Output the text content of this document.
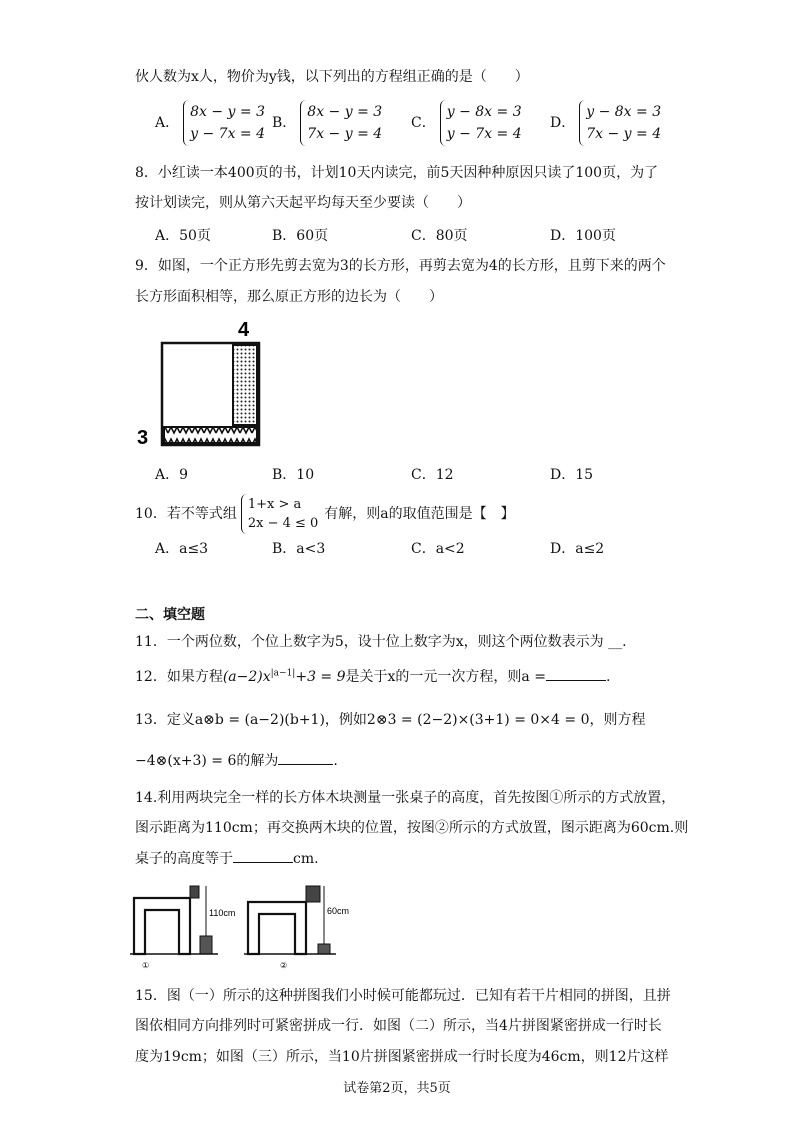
伙人数为x人，物价为y钱，以下列出的方程组正确的是（　　）
A．
8x − y = 3
y − 7x = 4
B．
8x − y = 3
7x − y = 4
C．
y − 8x = 3
y − 7x = 4
D．
y − 8x = 3
7x − y = 4
8．小红读一本400页的书，计划10天内读完，前5天因种种原因只读了100页，为了
按计划读完，则从第六天起平均每天至少要读（　　）
A．50页	B．60页	C．80页	D．100页
9．如图，一个正方形先剪去宽为3的长方形，再剪去宽为4的长方形，且剪下来的两个
长方形面积相等，那么原正方形的边长为（　　）
4
3
A．9	B．10	C．12	D．15
10．若不等式组
1+x > a
2x − 4 ≤ 0
有解，则a的取值范围是【　】
A．a≤3	B．a<3	C．a<2	D．a≤2
二、填空题
11．一个两位数，个位上数字为5，设十位上数字为x，则这个两位数表示为 __.
12．如果方程$(a-2)x^{|a-1|}+3 = 9$是关于x的一元一次方程，则a =	.
13．定义a⊗b = (a−2)(b+1)，例如2⊗3 = (2−2)×(3+1) = 0×4 = 0，则方程
−4⊗(x+3) = 6的解为	.
14.利用两块完全一样的长方体木块测量一张桌子的高度，首先按图①所示的方式放置，
图示距离为110cm；再交换两木块的位置，按图②所示的方式放置，图示距离为60cm.则
桌子的高度等于	cm.
110cm
①
60cm
②
15．图（一）所示的这种拼图我们小时候可能都玩过．已知有若干片相同的拼图，且拼
图依相同方向排列时可紧密拼成一行．如图（二）所示，当4片拼图紧密拼成一行时长
度为19cm；如图（三）所示，当10片拼图紧密拼成一行时长度为46cm，则12片这样
试卷第2页，共5页
